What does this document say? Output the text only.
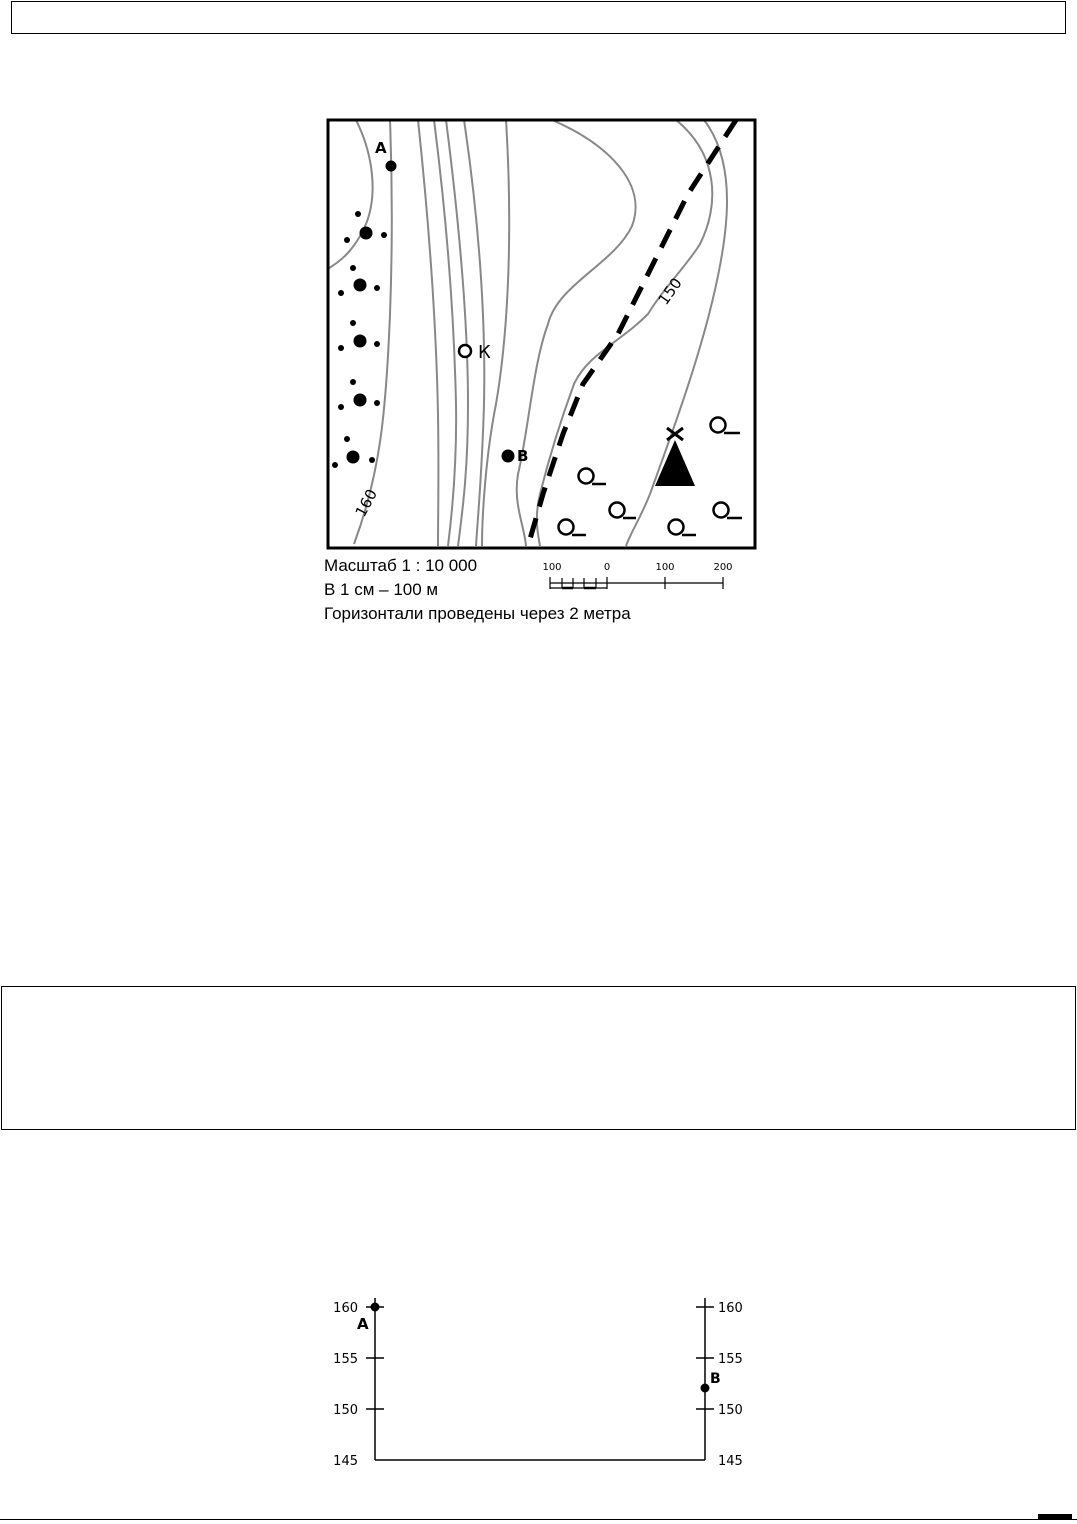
160
150
А
К
В
Масштаб 1 : 10 000
В 1 см – 100 м
Горизонтали проведены через 2 метра
100	0	100	200
160
155
150
145
160
155
150
145
А
В
